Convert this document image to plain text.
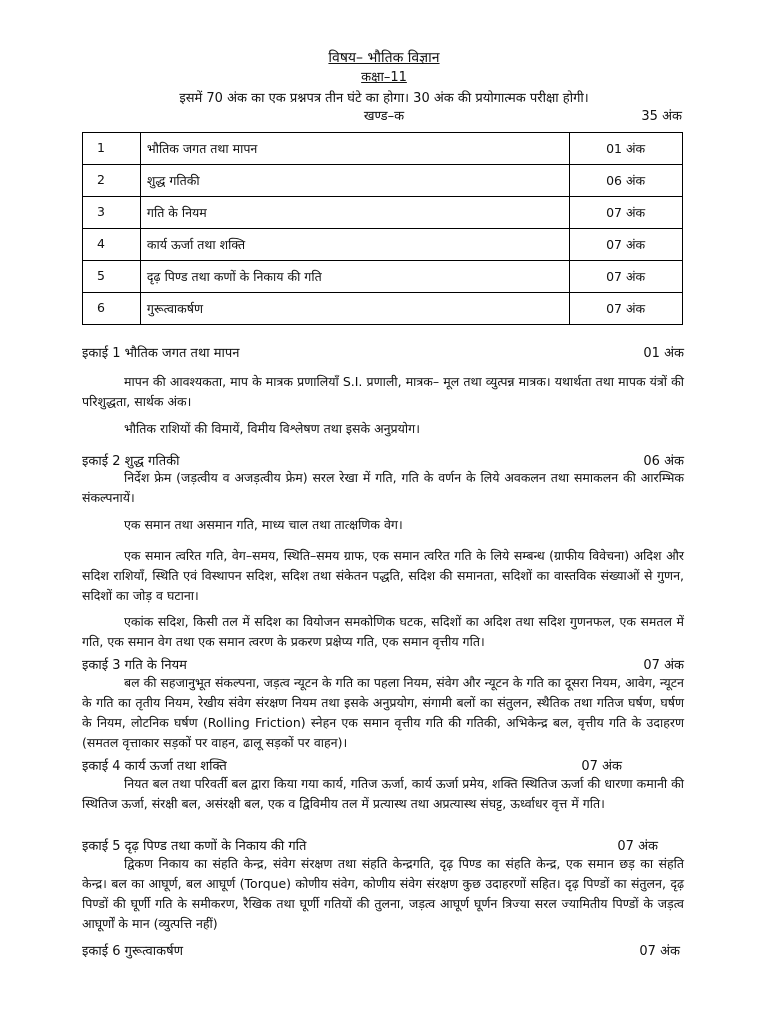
विषय– भौतिक विज्ञान
कक्षा–11
इसमें 70 अंक का एक प्रश्नपत्र तीन घंटे का होगा। 30 अंक की प्रयोगात्मक परीक्षा होगी।
खण्ड–क	35 अंक
1	भौतिक जगत तथा मापन	01 अंक
2	शुद्ध गतिकी	06 अंक
3	गति के नियम	07 अंक
4	कार्य ऊर्जा तथा शक्ति	07 अंक
5	दृढ़ पिण्ड तथा कणों के निकाय की गति	07 अंक
6	गुरूत्वाकर्षण	07 अंक
इकाई 1 भौतिक जगत तथा मापन	01 अंक
मापन की आवश्यकता, माप के मात्रक प्रणालियाँ S.I. प्रणाली, मात्रक– मूल तथा व्युत्पन्न मात्रक। यथार्थता तथा मापक यंत्रों की परिशुद्धता, सार्थक अंक।
भौतिक राशियों की विमायें, विमीय विश्लेषण तथा इसके अनुप्रयोग।
इकाई 2 शुद्ध गतिकी	06 अंक
निर्देश फ्रेम (जड़त्वीय व अजड़त्वीय फ्रेम) सरल रेखा में गति, गति के वर्णन के लिये अवकलन तथा समाकलन की आरम्भिक संकल्पनायें।
एक समान तथा असमान गति, माध्य चाल तथा तात्क्षणिक वेग।
एक समान त्वरित गति, वेग–समय, स्थिति–समय ग्राफ, एक समान त्वरित गति के लिये सम्बन्ध (ग्राफीय विवेचना) अदिश और सदिश राशियाँ, स्थिति एवं विस्थापन सदिश, सदिश तथा संकेतन पद्धति, सदिश की समानता, सदिशों का वास्तविक संख्याओं से गुणन, सदिशों का जोड़ व घटाना।
एकांक सदिश, किसी तल में सदिश का वियोजन समकोणिक घटक, सदिशों का अदिश तथा सदिश गुणनफल, एक समतल में गति, एक समान वेग तथा एक समान त्वरण के प्रकरण प्रक्षेप्य गति, एक समान वृत्तीय गति।
इकाई 3 गति के नियम	07 अंक
बल की सहजानुभूत संकल्पना, जड़त्व न्यूटन के गति का पहला नियम, संवेग और न्यूटन के गति का दूसरा नियम, आवेग, न्यूटन के गति का तृतीय नियम, रेखीय संवेग संरक्षण नियम तथा इसके अनुप्रयोग, संगामी बलों का संतुलन, स्थैतिक तथा गतिज घर्षण, घर्षण के नियम, लोटनिक घर्षण (Rolling Friction) स्नेहन एक समान वृत्तीय गति की गतिकी, अभिकेन्द्र बल, वृत्तीय गति के उदाहरण (समतल वृत्ताकार सड़कों पर वाहन, ढालू सड़कों पर वाहन)।
इकाई 4 कार्य ऊर्जा तथा शक्ति	07 अंक
नियत बल तथा परिवर्ती बल द्वारा किया गया कार्य, गतिज ऊर्जा, कार्य ऊर्जा प्रमेय, शक्ति स्थितिज ऊर्जा की धारणा कमानी की स्थितिज ऊर्जा, संरक्षी बल, असंरक्षी बल, एक व द्विविमीय तल में प्रत्यास्थ तथा अप्रत्यास्थ संघट्ट, ऊर्ध्वाधर वृत्त में गति।
इकाई 5 दृढ़ पिण्ड तथा कणों के निकाय की गति	07 अंक
द्विकण निकाय का संहति केन्द्र, संवेग संरक्षण तथा संहति केन्द्रगति, दृढ़ पिण्ड का संहति केन्द्र, एक समान छड़ का संहति केन्द्र। बल का आघूर्ण, बल आघूर्ण (Torque) कोणीय संवेग, कोणीय संवेग संरक्षण कुछ उदाहरणों सहित। दृढ़ पिण्डों का संतुलन, दृढ़ पिण्डों की घूर्णी गति के समीकरण, रैखिक तथा घूर्णी गतियों की तुलना, जड़त्व आघूर्ण घूर्णन त्रिज्या सरल ज्यामितीय पिण्डों के जड़त्व आघूर्णों के मान (व्युत्पत्ति नहीं)
इकाई 6 गुरूत्वाकर्षण	07 अंक
